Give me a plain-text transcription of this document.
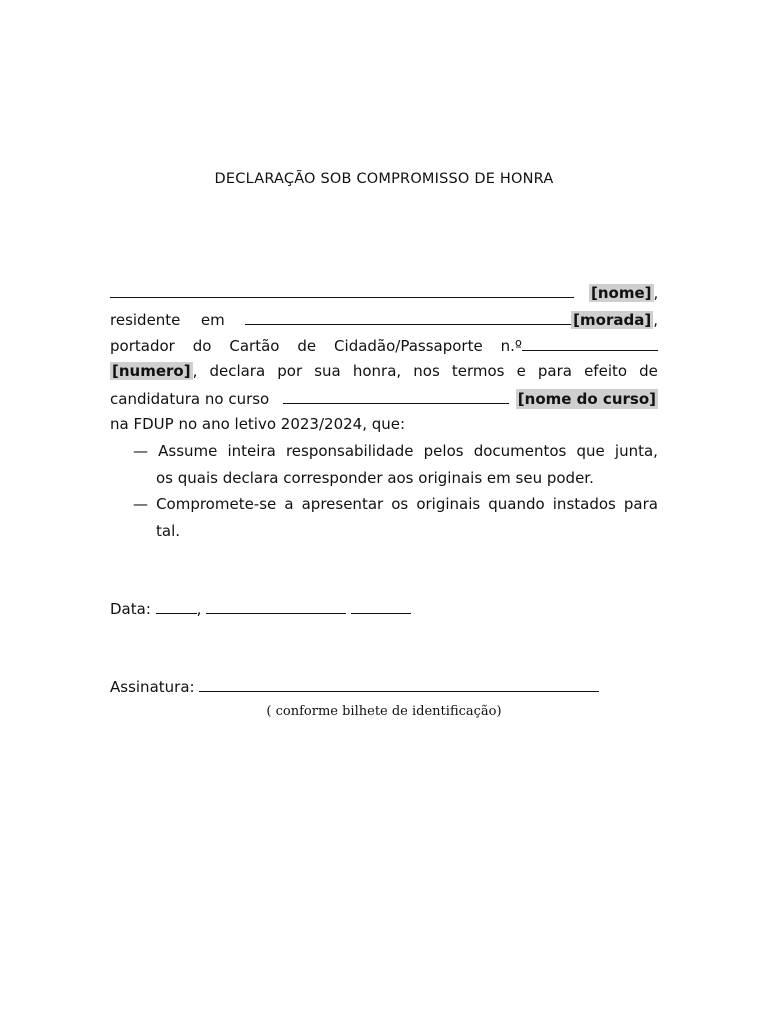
DECLARAÇÃO SOB COMPROMISSO DE HONRA
[nome] ,
residente em	[morada] ,
portador do Cartão de Cidadão/Passaporte n.º
[numero] , declara por sua honra, nos termos e para efeito de
candidatura no curso	[nome do curso]
na FDUP no ano letivo 2023/2024, que:
— Assume inteira responsabilidade pelos documentos que junta,
os quais declara corresponder aos originais em seu poder.
— Compromete-se a apresentar os originais quando instados para
tal.
Data:	,
Assinatura:
( conforme bilhete de identificação)
